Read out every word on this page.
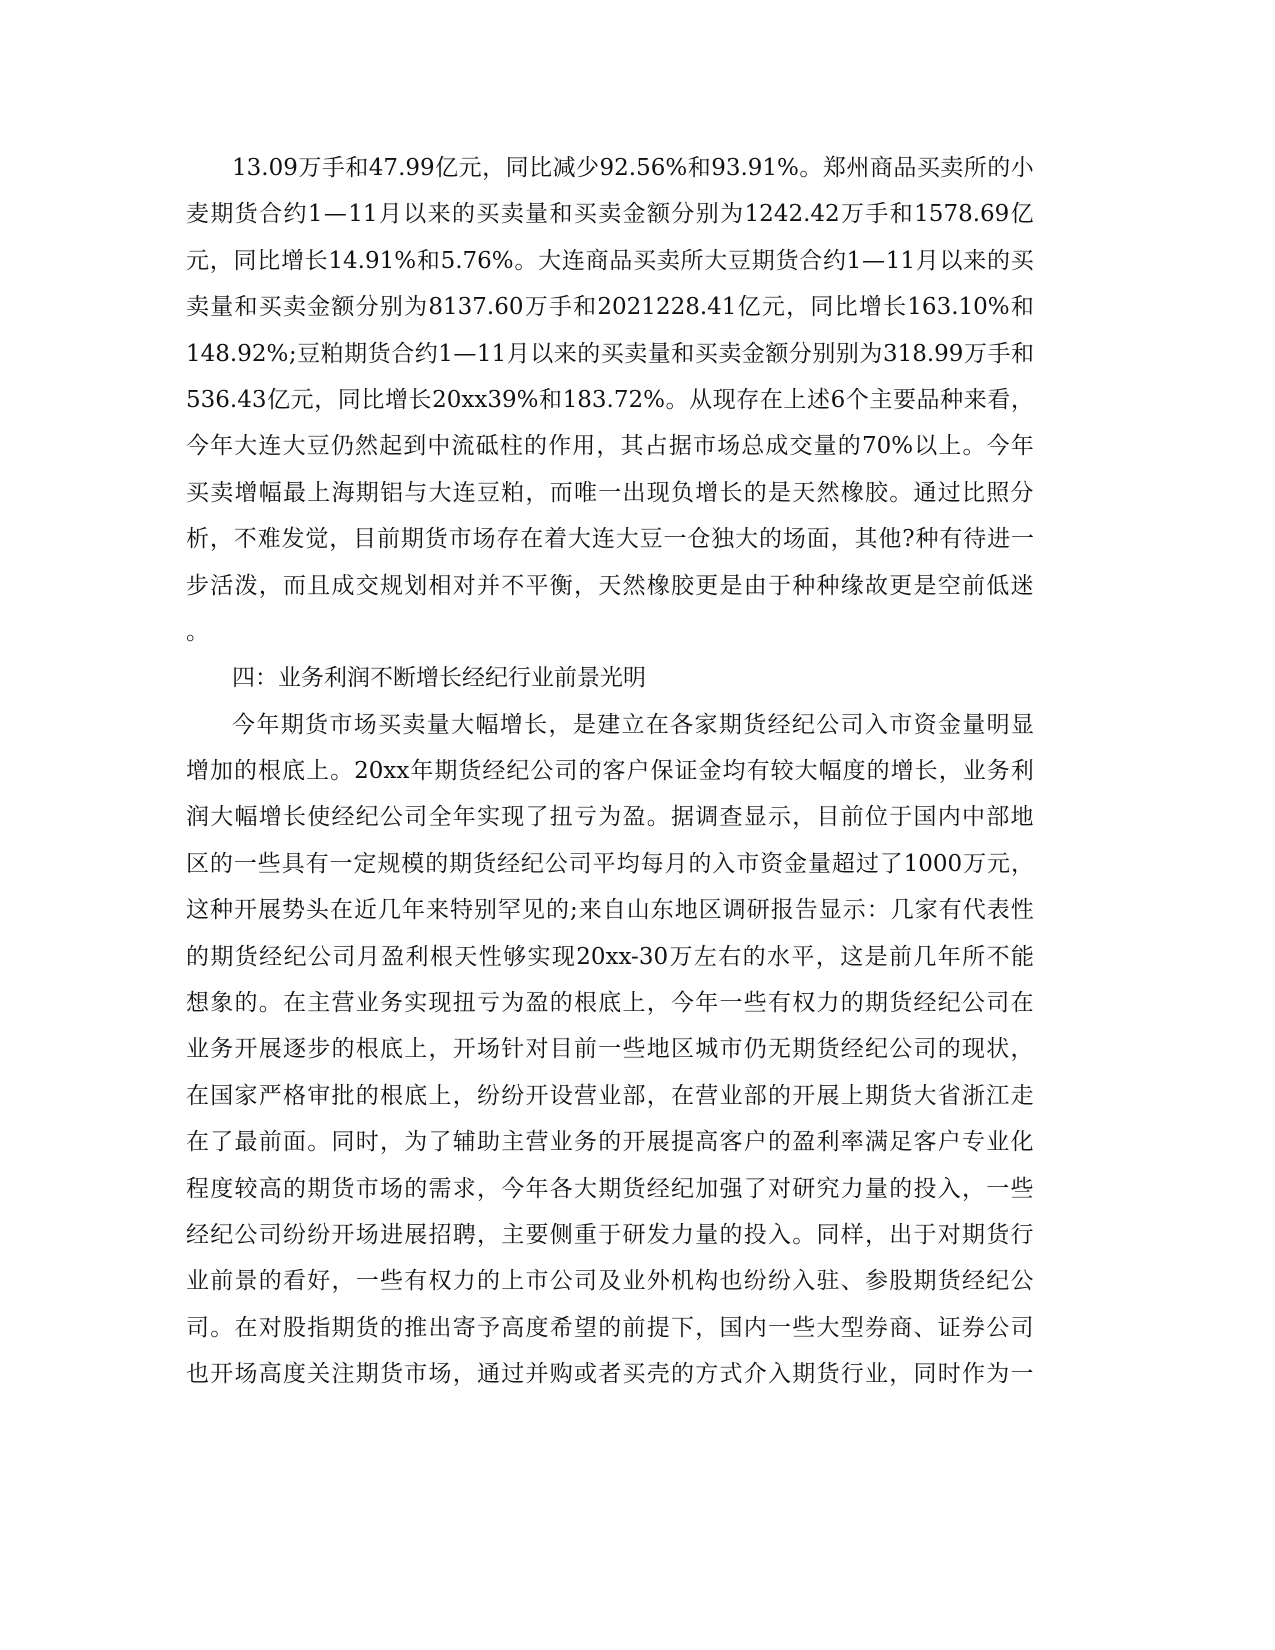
13.09 万 手 和 47.99 亿 元 ， 同 比 减 少 92.56% 和 93.91% 。 郑 州 商 品 买 卖 所 的 小
麦 期 货 合 约 1 — 11 月 以 来 的 买 卖 量 和 买 卖 金 额 分 别 为 1242.42 万 手 和 1578.69 亿
元 ， 同 比 增 长 14.91% 和 5.76% 。 大 连 商 品 买 卖 所 大 豆 期 货 合 约 1 — 11 月 以 来 的 买
卖 量 和 买 卖 金 额 分 别 为 8137.60 万 手 和 2021228.41 亿 元 ， 同 比 增 长 163.10% 和
148.92% ; 豆 粕 期 货 合 约 1 — 11 月 以 来 的 买 卖 量 和 买 卖 金 额 分 别 别 为 318.99 万 手 和
536.43 亿 元 ， 同 比 增 长 20xx39% 和 183.72% 。 从 现 存 在 上 述 6 个 主 要 品 种 来 看 ，
今 年 大 连 大 豆 仍 然 起 到 中 流 砥 柱 的 作 用 ， 其 占 据 市 场 总 成 交 量 的 70% 以 上 。 今 年
买 卖 增 幅 最 上 海 期 铝 与 大 连 豆 粕 ， 而 唯 一 出 现 负 增 长 的 是 天 然 橡 胶 。 通 过 比 照 分
析 ， 不 难 发 觉 ， 目 前 期 货 市 场 存 在 着 大 连 大 豆 一 仓 独 大 的 场 面 ， 其 他 ? 种 有 待 进 一
步 活 泼 ， 而 且 成 交 规 划 相 对 并 不 平 衡 ， 天 然 橡 胶 更 是 由 于 种 种 缘 故 更 是 空 前 低 迷
。
四：业务利润不断增长经纪行业前景光明
今 年 期 货 市 场 买 卖 量 大 幅 增 长 ， 是 建 立 在 各 家 期 货 经 纪 公 司 入 市 资 金 量 明 显
增 加 的 根 底 上 。 20xx 年 期 货 经 纪 公 司 的 客 户 保 证 金 均 有 较 大 幅 度 的 增 长 ， 业 务 利
润 大 幅 增 长 使 经 纪 公 司 全 年 实 现 了 扭 亏 为 盈 。 据 调 查 显 示 ， 目 前 位 于 国 内 中 部 地
区 的 一 些 具 有 一 定 规 模 的 期 货 经 纪 公 司 平 均 每 月 的 入 市 资 金 量 超 过 了 1000 万 元 ，
这 种 开 展 势 头 在 近 几 年 来 特 别 罕 见 的 ; 来 自 山 东 地 区 调 研 报 告 显 示 ： 几 家 有 代 表 性
的 期 货 经 纪 公 司 月 盈 利 根 天 性 够 实 现 20xx-30 万 左 右 的 水 平 ， 这 是 前 几 年 所 不 能
想 象 的 。 在 主 营 业 务 实 现 扭 亏 为 盈 的 根 底 上 ， 今 年 一 些 有 权 力 的 期 货 经 纪 公 司 在
业 务 开 展 逐 步 的 根 底 上 ， 开 场 针 对 目 前 一 些 地 区 城 市 仍 无 期 货 经 纪 公 司 的 现 状 ，
在 国 家 严 格 审 批 的 根 底 上 ， 纷 纷 开 设 营 业 部 ， 在 营 业 部 的 开 展 上 期 货 大 省 浙 江 走
在 了 最 前 面 。 同 时 ， 为 了 辅 助 主 营 业 务 的 开 展 提 高 客 户 的 盈 利 率 满 足 客 户 专 业 化
程 度 较 高 的 期 货 市 场 的 需 求 ， 今 年 各 大 期 货 经 纪 加 强 了 对 研 究 力 量 的 投 入 ， 一 些
经 纪 公 司 纷 纷 开 场 进 展 招 聘 ， 主 要 侧 重 于 研 发 力 量 的 投 入 。 同 样 ， 出 于 对 期 货 行
业 前 景 的 看 好 ， 一 些 有 权 力 的 上 市 公 司 及 业 外 机 构 也 纷 纷 入 驻 、 参 股 期 货 经 纪 公
司 。 在 对 股 指 期 货 的 推 出 寄 予 高 度 希 望 的 前 提 下 ， 国 内 一 些 大 型 券 商 、 证 券 公 司
也 开 场 高 度 关 注 期 货 市 场 ， 通 过 并 购 或 者 买 壳 的 方 式 介 入 期 货 行 业 ， 同 时 作 为 一
